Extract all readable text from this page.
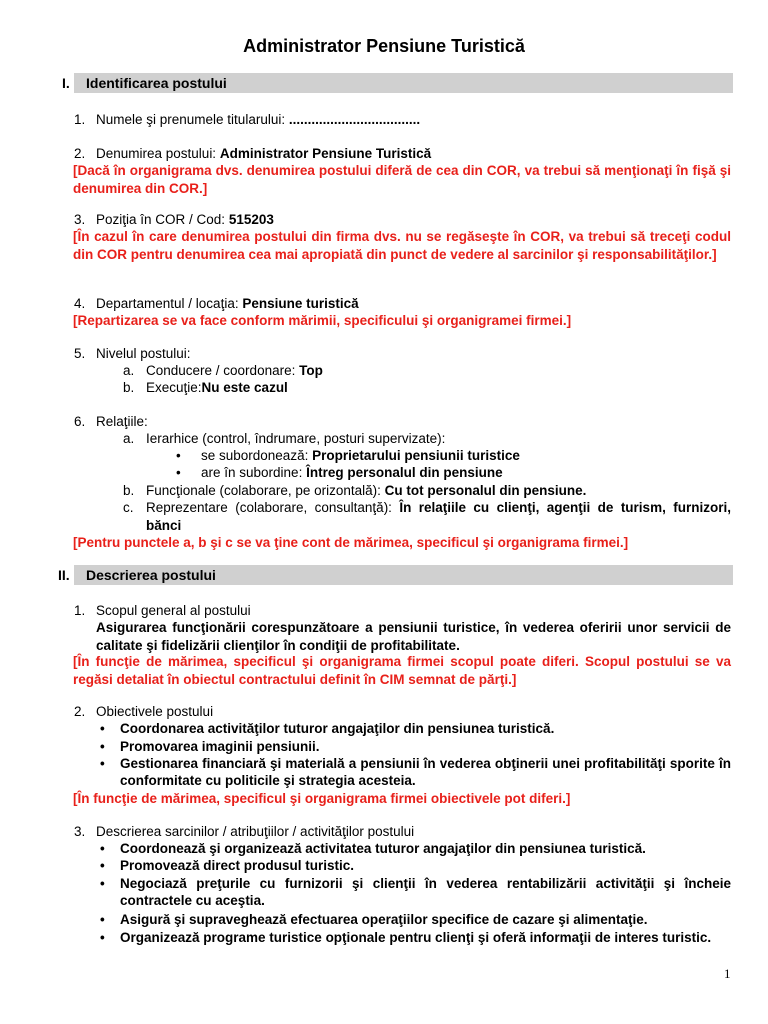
Administrator Pensiune Turistică
I. Identificarea postului
1. Numele şi prenumele titularului: ...................................
2. Denumirea postului: Administrator Pensiune Turistică
[Dacă în organigrama dvs. denumirea postului diferă de cea din COR, va trebui să menţionaţi în fişă şi denumirea din COR.]
3. Poziţia în COR / Cod: 515203
[În cazul în care denumirea postului din firma dvs. nu se regăseşte în COR, va trebui să treceţi codul din COR pentru denumirea cea mai apropiată din punct de vedere al sarcinilor şi responsabilităţilor.]
4. Departamentul / locaţia: Pensiune turistică
[Repartizarea se va face conform mărimii, specificului şi organigramei firmei.]
5. Nivelul postului:
a. Conducere / coordonare: Top
b. Execuţie:Nu este cazul
6. Relaţiile:
a. Ierarhice (control, îndrumare, posturi supervizate):
• se subordonează: Proprietarului pensiunii turistice
• are în subordine: Întreg personalul din pensiune
b. Funcţionale (colaborare, pe orizontală): Cu tot personalul din pensiune.
c. Reprezentare (colaborare, consultanţă): În relaţiile cu clienţi, agenţii de turism, furnizori, bănci
[Pentru punctele a, b şi c se va ţine cont de mărimea, specificul şi organigrama firmei.]
II. Descrierea postului
1. Scopul general al postului
Asigurarea funcţionării corespunzătoare a pensiunii turistice, în vederea oferirii unor servicii de calitate şi fidelizării clienţilor în condiţii de profitabilitate.
[În funcţie de mărimea, specificul şi organigrama firmei scopul poate diferi. Scopul postului se va regăsi detaliat în obiectul contractului definit în CIM semnat de părţi.]
2. Obiectivele postului
• Coordonarea activităţilor tuturor angajaţilor din pensiunea turistică.
• Promovarea imaginii pensiunii.
• Gestionarea financiară şi materială a pensiunii în vederea obţinerii unei profitabilităţi sporite în conformitate cu politicile şi strategia acesteia.
[În funcţie de mărimea, specificul şi organigrama firmei obiectivele pot diferi.]
3. Descrierea sarcinilor / atribuţiilor / activităţilor postului
• Coordonează şi organizează activitatea tuturor angajaţilor din pensiunea turistică.
• Promovează direct produsul turistic.
• Negociază preţurile cu furnizorii şi clienţii în vederea rentabilizării activităţii şi încheie contractele cu aceştia.
• Asigură şi supraveghează efectuarea operaţiilor specifice de cazare şi alimentaţie.
• Organizează programe turistice opţionale pentru clienţi şi oferă informaţii de interes turistic.
1
